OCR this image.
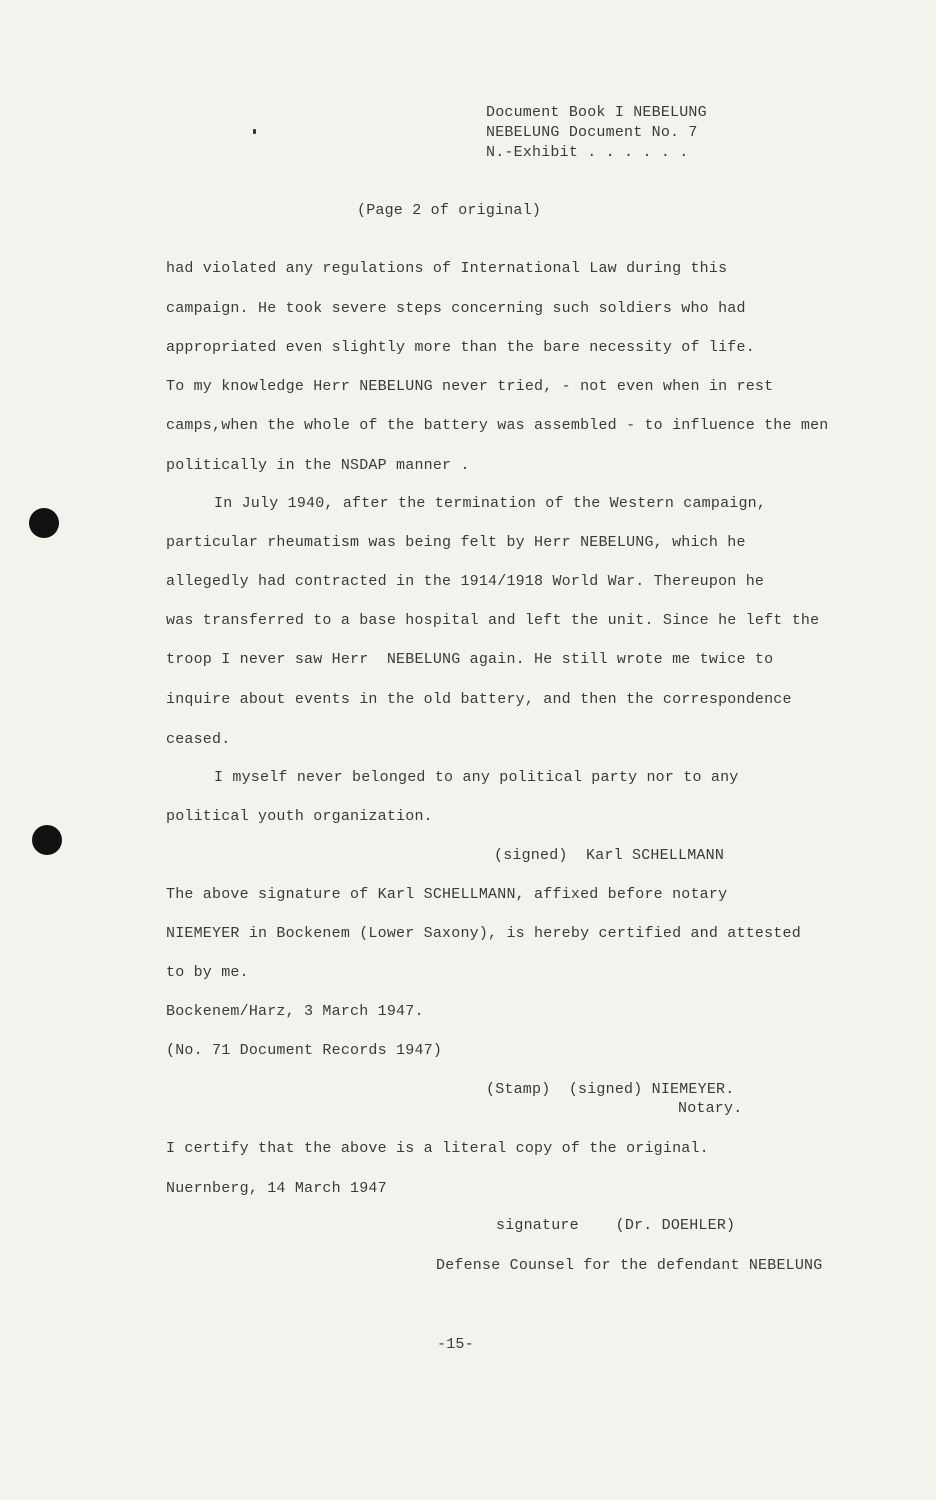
Document Book I NEBELUNG
NEBELUNG Document No. 7
N.-Exhibit . . . . . .
(Page 2 of original)
had violated any regulations of International Law during this
campaign. He took severe steps concerning such soldiers who had
appropriated even slightly more than the bare necessity of life.
To my knowledge Herr NEBELUNG never tried, - not even when in rest
camps,when the whole of the battery was assembled - to influence the men
politically in the NSDAP manner .
In July 1940, after the termination of the Western campaign,
particular rheumatism was being felt by Herr NEBELUNG, which he
allegedly had contracted in the 1914/1918 World War. Thereupon he
was transferred to a base hospital and left the unit. Since he left the
troop I never saw Herr  NEBELUNG again. He still wrote me twice to
inquire about events in the old battery, and then the correspondence
ceased.
I myself never belonged to any political party nor to any
political youth organization.
(signed)  Karl SCHELLMANN
The above signature of Karl SCHELLMANN, affixed before notary
NIEMEYER in Bockenem (Lower Saxony), is hereby certified and attested
to by me.
Bockenem/Harz, 3 March 1947.
(No. 71 Document Records 1947)
(Stamp)  (signed) NIEMEYER.
Notary.
I certify that the above is a literal copy of the original.
Nuernberg, 14 March 1947
signature    (Dr. DOEHLER)
Defense Counsel for the defendant NEBELUNG
-15-
